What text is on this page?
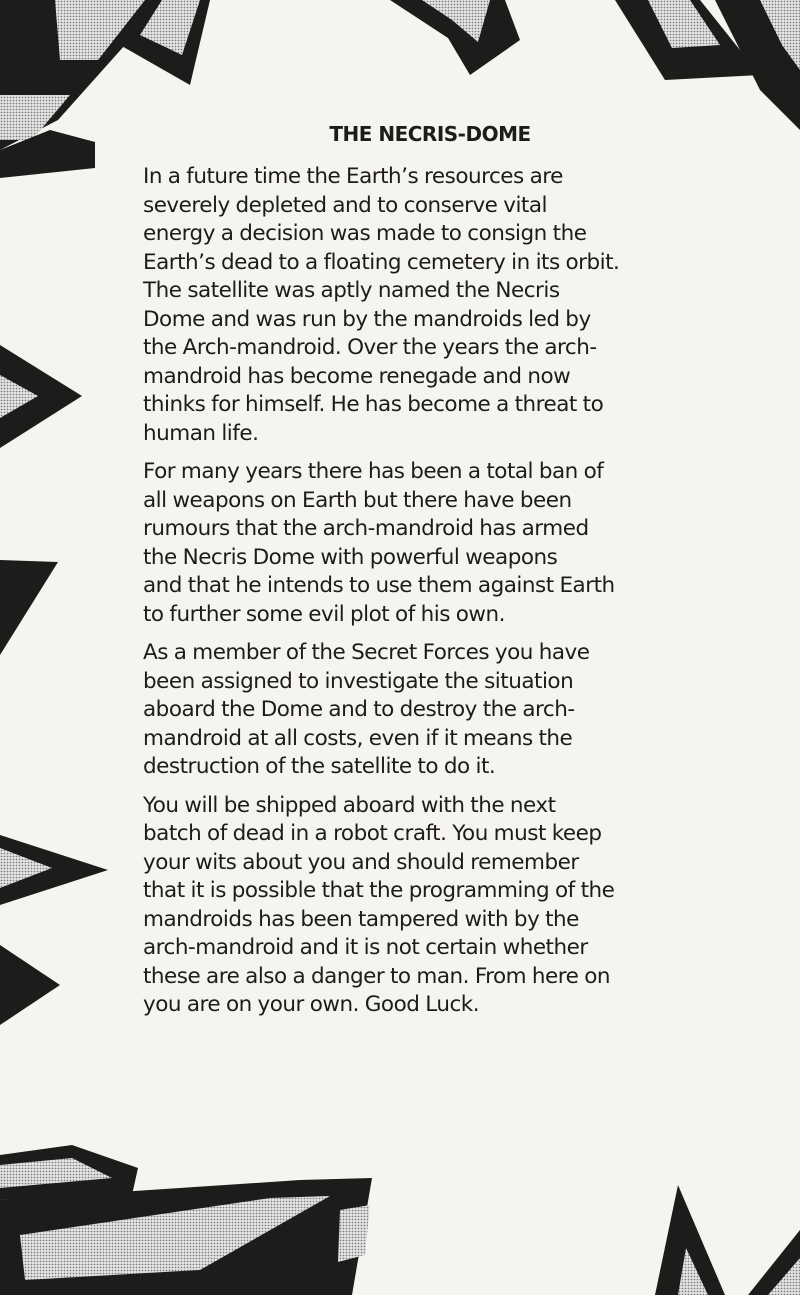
THE NECRIS-DOME

In a future time the Earth’s resources are
severely depleted and to conserve vital
energy a decision was made to consign the
Earth’s dead to a floating cemetery in its orbit.
The satellite was aptly named the Necris
Dome and was run by the mandroids led by
the Arch-mandroid. Over the years the arch-
mandroid has become renegade and now
thinks for himself. He has become a threat to
human life.

For many years there has been a total ban of
all weapons on Earth but there have been
rumours that the arch-mandroid has armed
the Necris Dome with powerful weapons
and that he intends to use them against Earth
to further some evil plot of his own.

As a member of the Secret Forces you have
been assigned to investigate the situation
aboard the Dome and to destroy the arch-
mandroid at all costs, even if it means the
destruction of the satellite to do it.

You will be shipped aboard with the next
batch of dead in a robot craft. You must keep
your wits about you and should remember
that it is possible that the programming of the
mandroids has been tampered with by the
arch-mandroid and it is not certain whether
these are also a danger to man. From here on
you are on your own. Good Luck.
